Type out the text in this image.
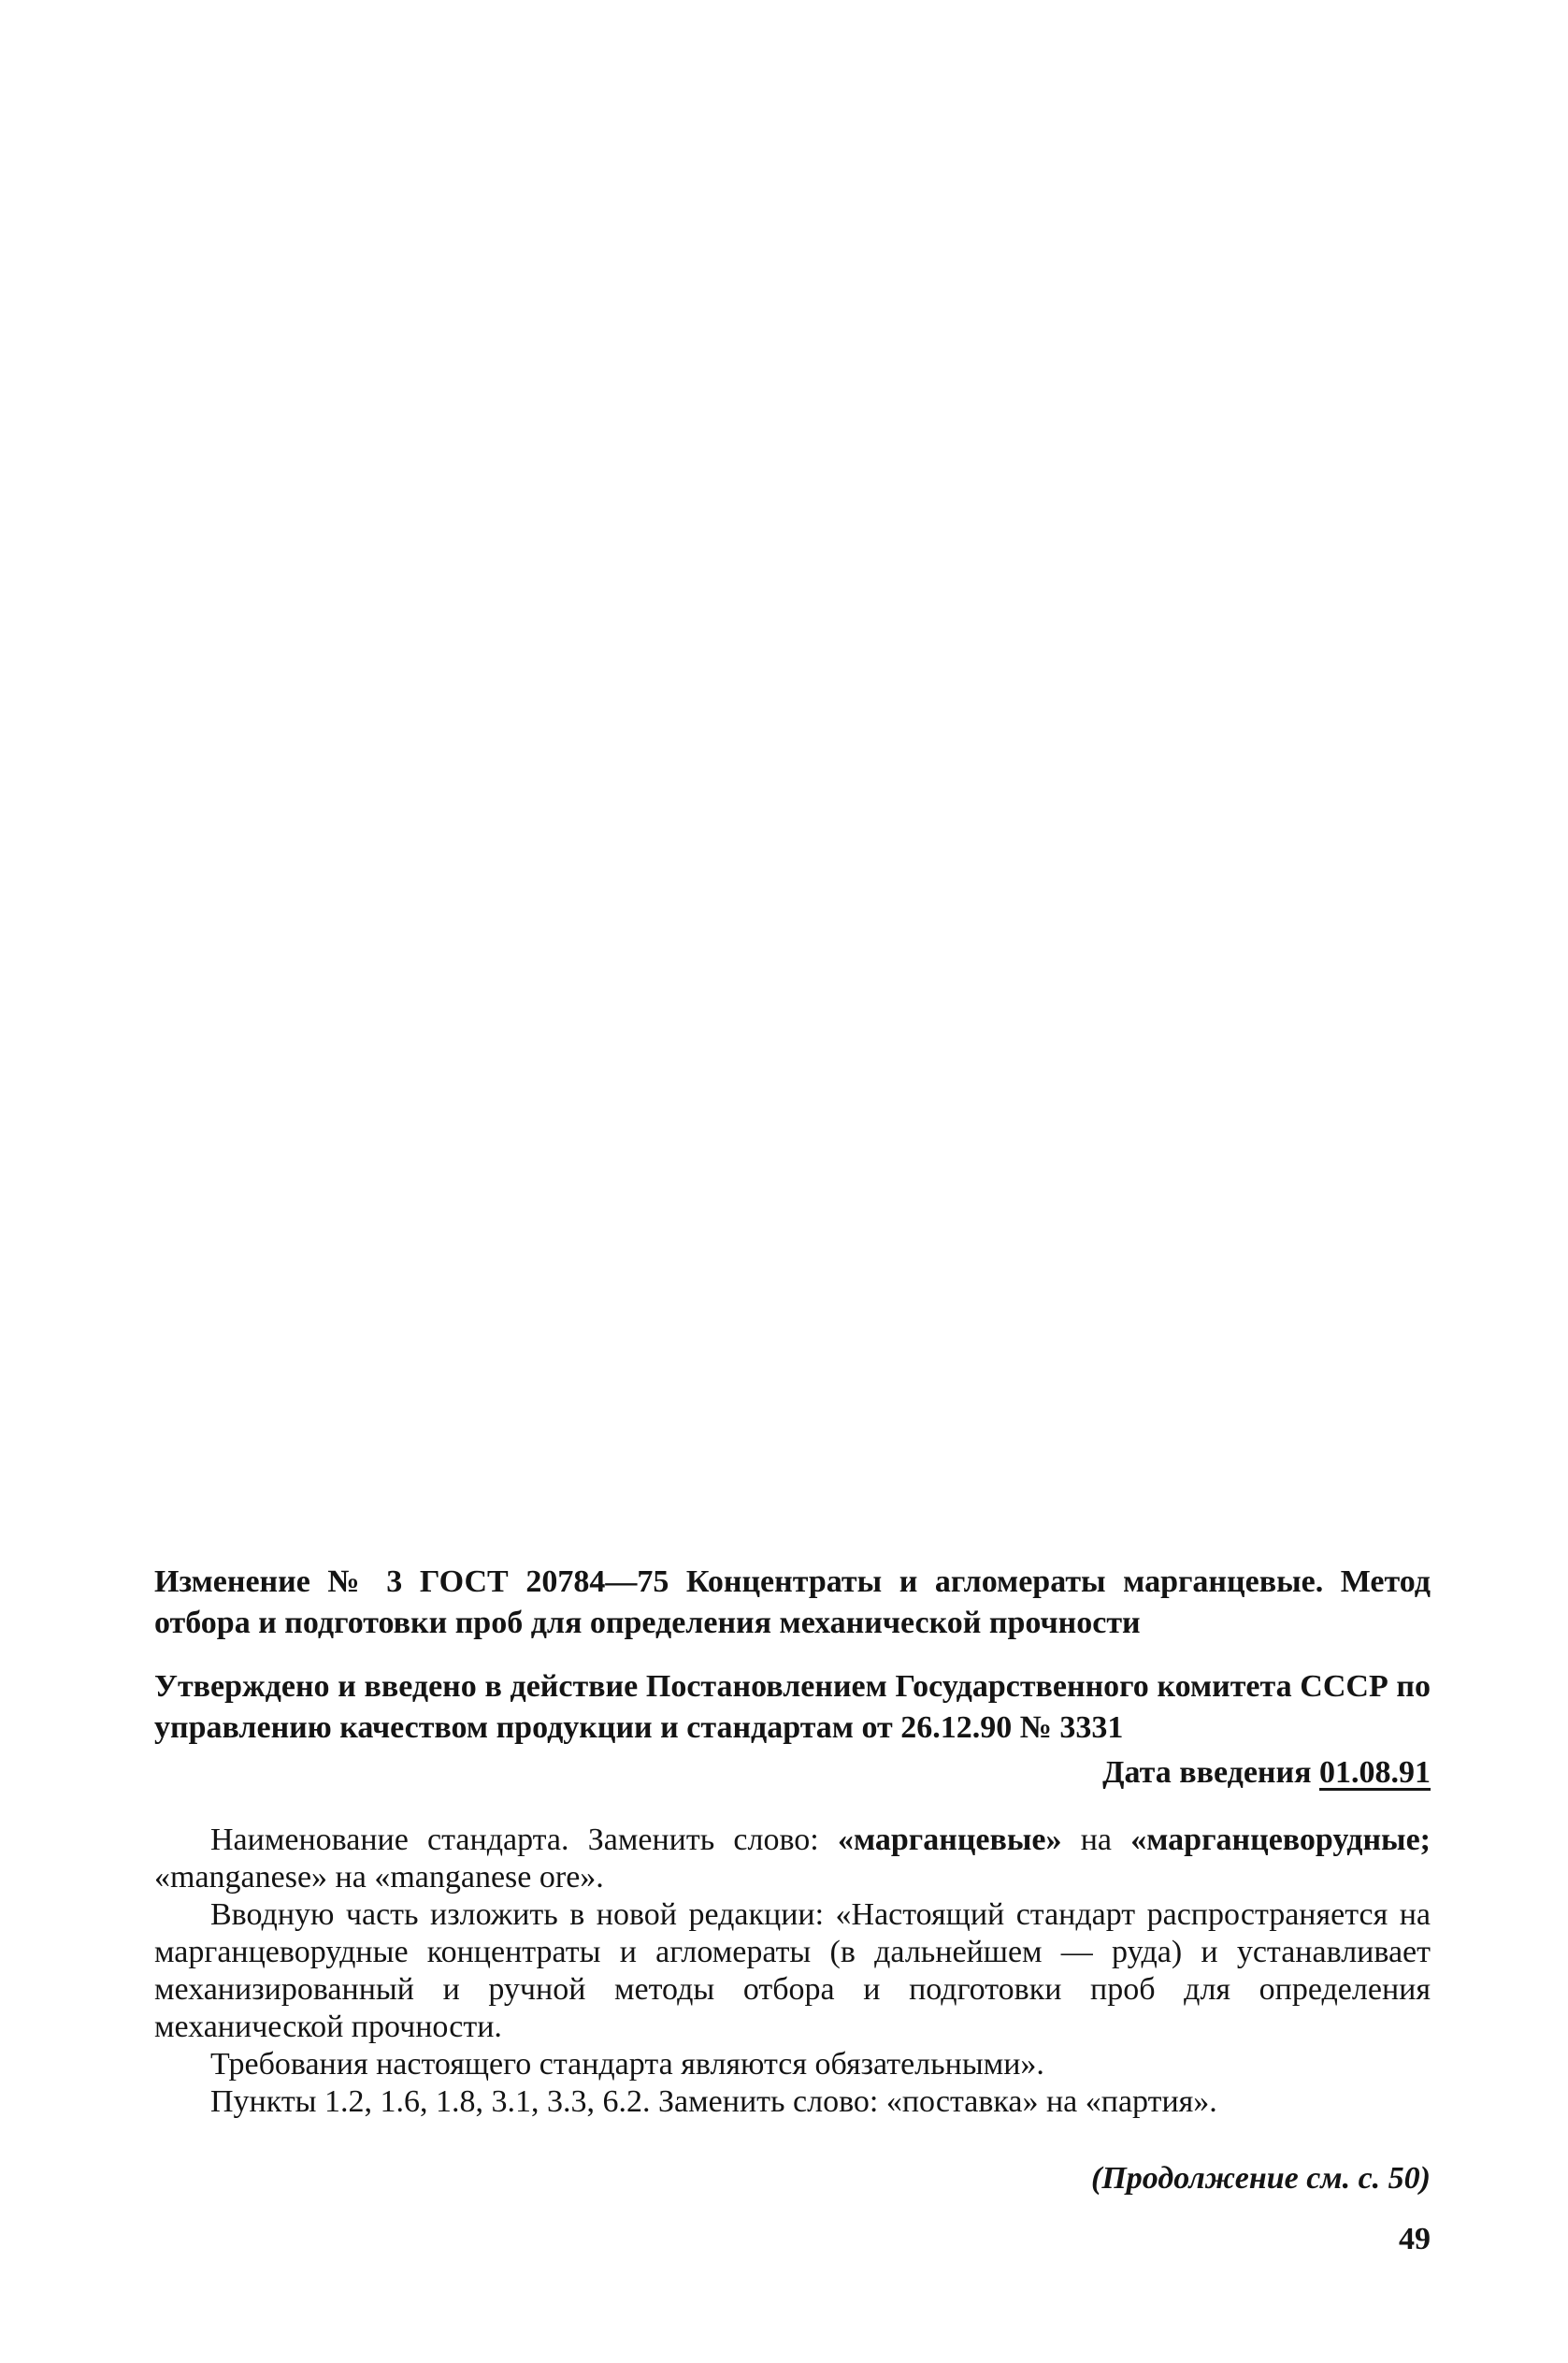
Изменение № 3 ГОСТ 20784—75 Концентраты и агломераты марганцевые. Метод отбора и подготовки проб для определения механической прочности
Утверждено и введено в действие Постановлением Государственного комитета СССР по управлению качеством продукции и стандартам от 26.12.90 № 3331
Дата введения 01.08.91

Наименование стандарта. Заменить слово: «марганцевые» на «марганцеворудные; «manganese» на «manganese ore».

Вводную часть изложить в новой редакции: «Настоящий стандарт распространяется на марганцеворудные концентраты и агломераты (в дальнейшем — руда) и устанавливает механизированный и ручной методы отбора и подготовки проб для определения механической прочности.

Требования настоящего стандарта являются обязательными».

Пункты 1.2, 1.6, 1.8, 3.1, 3.3, 6.2. Заменить слово: «поставка» на «партия».

(Продолжение см. с. 50)
49
